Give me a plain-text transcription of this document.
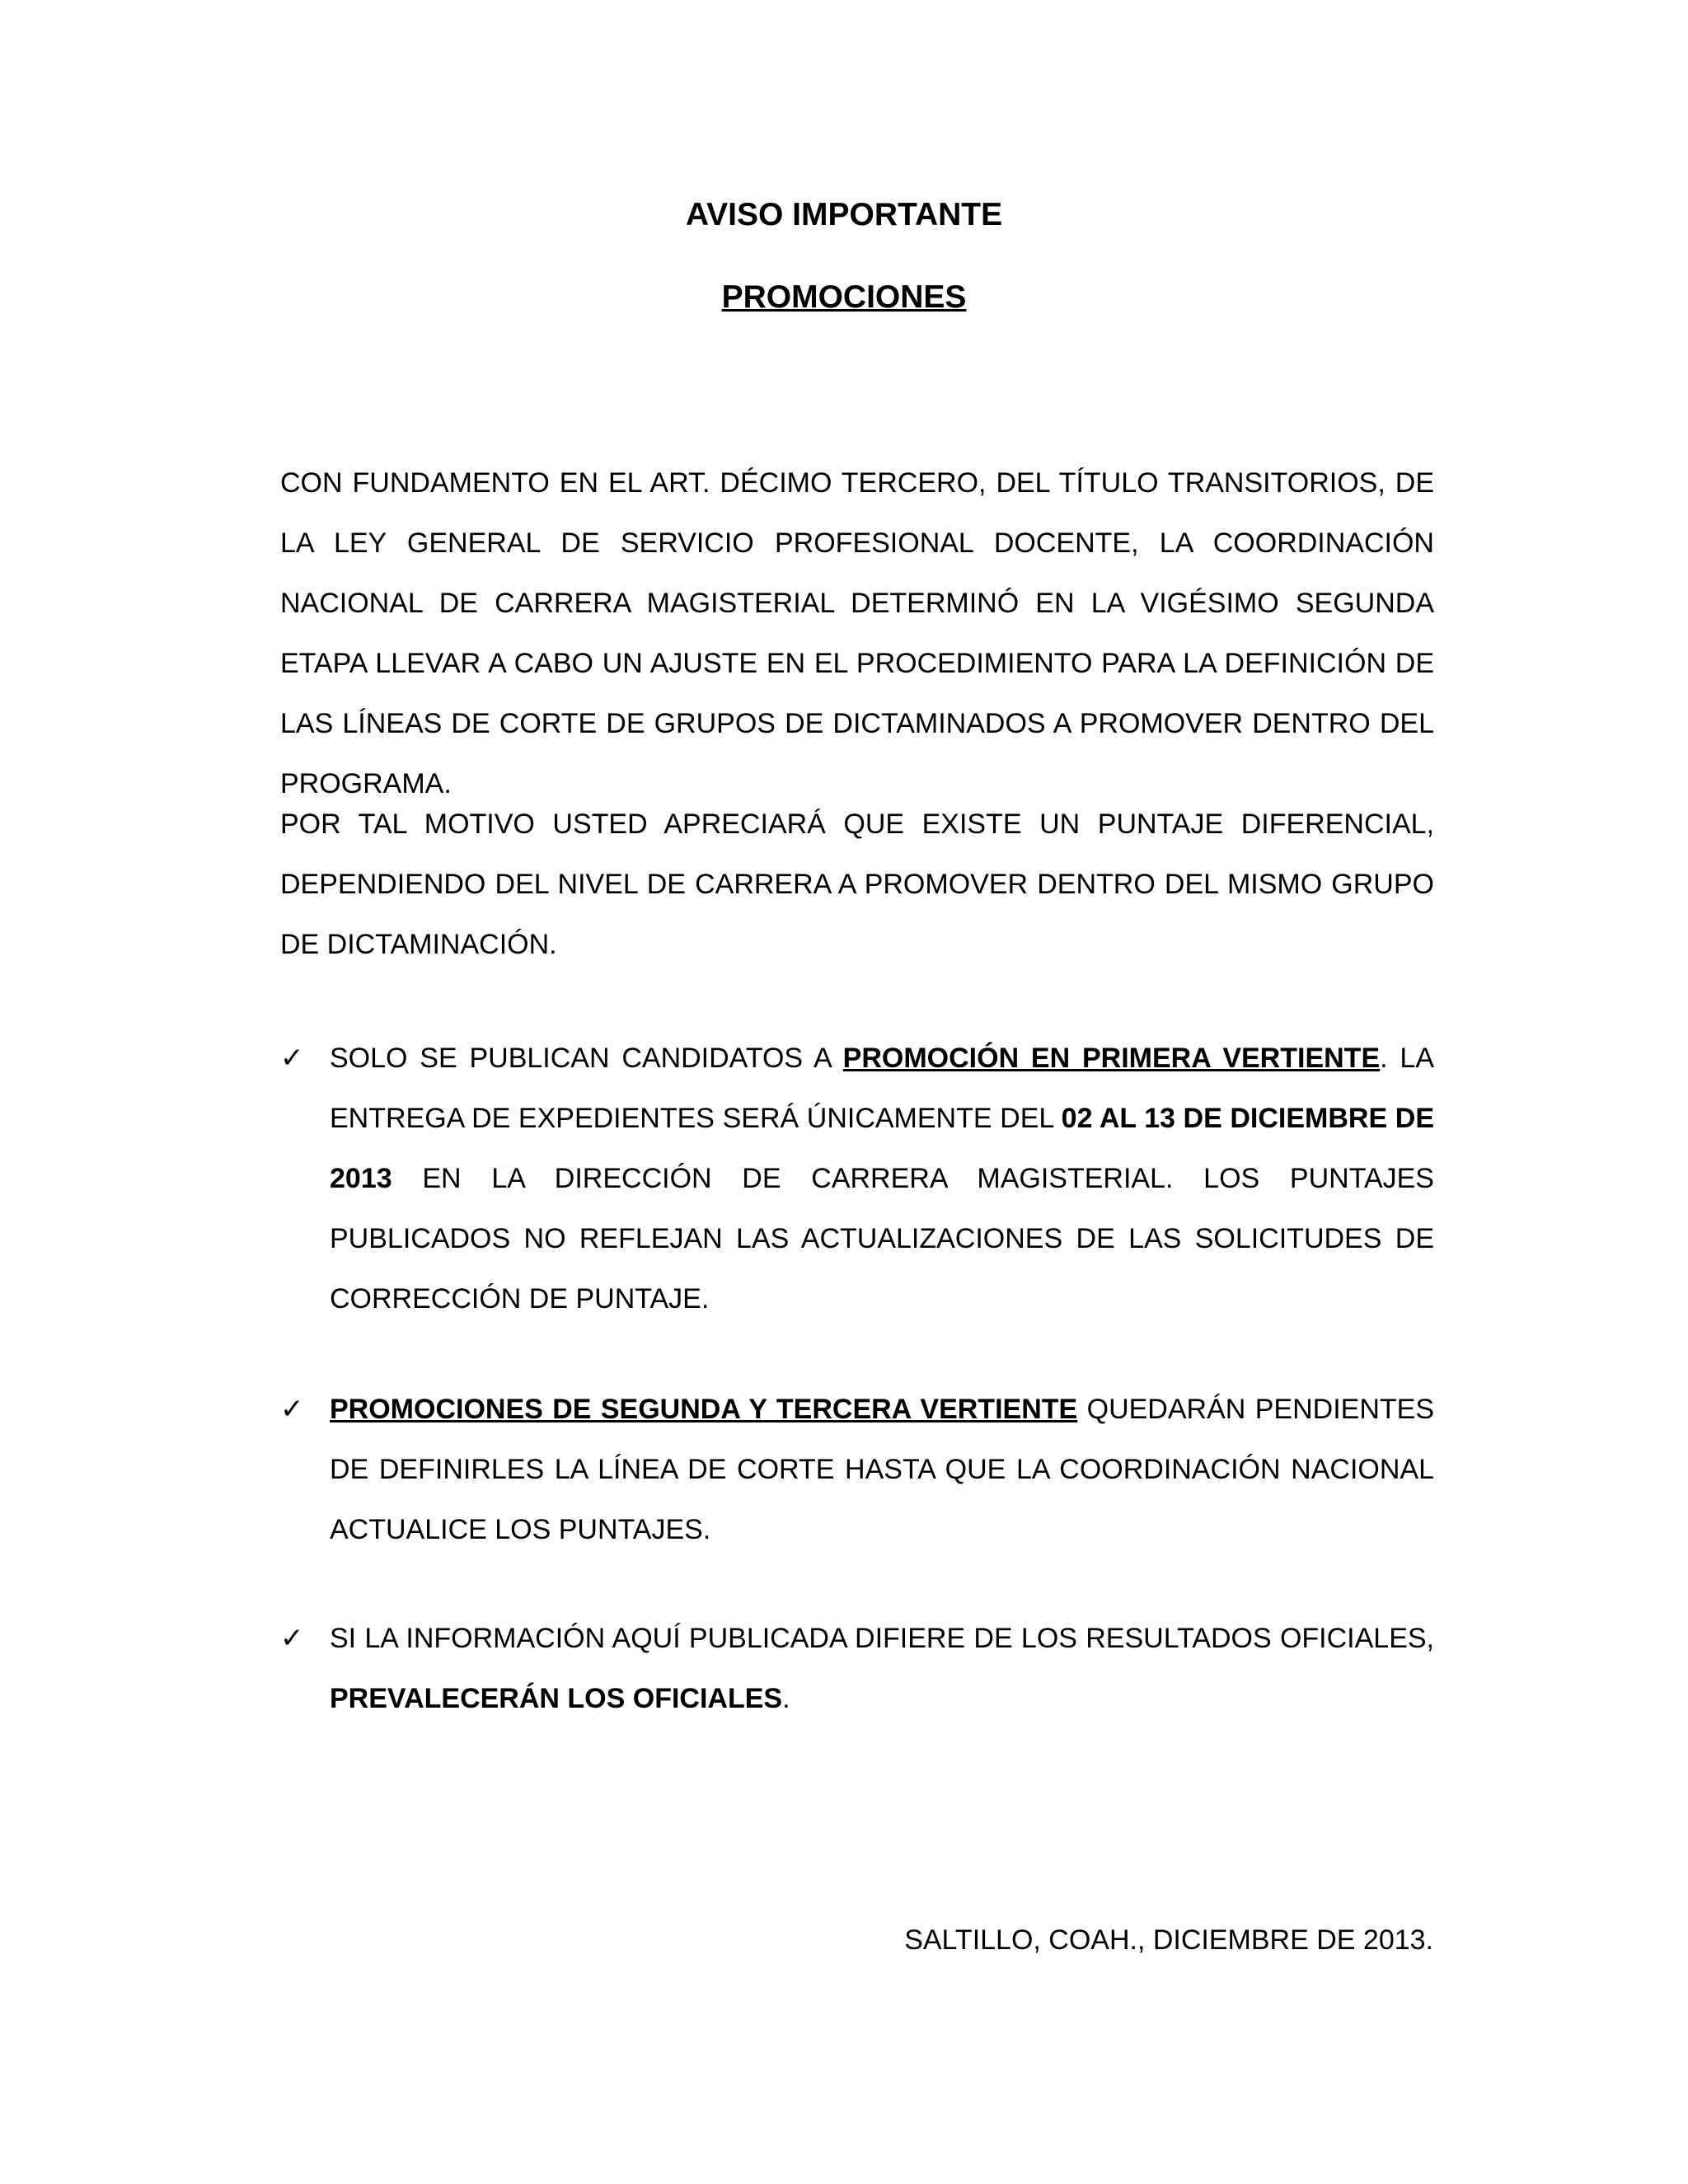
AVISO IMPORTANTE
PROMOCIONES

CON FUNDAMENTO EN EL ART. DÉCIMO TERCERO, DEL TÍTULO TRANSITORIOS, DE LA LEY GENERAL DE SERVICIO PROFESIONAL DOCENTE, LA COORDINACIÓN NACIONAL DE CARRERA MAGISTERIAL DETERMINÓ EN LA VIGÉSIMO SEGUNDA ETAPA LLEVAR A CABO UN AJUSTE EN EL PROCEDIMIENTO PARA LA DEFINICIÓN DE LAS LÍNEAS DE CORTE DE GRUPOS DE DICTAMINADOS A PROMOVER DENTRO DEL PROGRAMA.

POR TAL MOTIVO USTED APRECIARÁ QUE EXISTE UN PUNTAJE DIFERENCIAL, DEPENDIENDO DEL NIVEL DE CARRERA A PROMOVER DENTRO DEL MISMO GRUPO DE DICTAMINACIÓN.

✓ SOLO SE PUBLICAN CANDIDATOS A PROMOCIÓN EN PRIMERA VERTIENTE. LA ENTREGA DE EXPEDIENTES SERÁ ÚNICAMENTE DEL 02 AL 13 DE DICIEMBRE DE 2013 EN LA DIRECCIÓN DE CARRERA MAGISTERIAL. LOS PUNTAJES PUBLICADOS NO REFLEJAN LAS ACTUALIZACIONES DE LAS SOLICITUDES DE CORRECCIÓN DE PUNTAJE.

✓ PROMOCIONES DE SEGUNDA Y TERCERA VERTIENTE QUEDARÁN PENDIENTES DE DEFINIRLES LA LÍNEA DE CORTE HASTA QUE LA COORDINACIÓN NACIONAL ACTUALICE LOS PUNTAJES.

✓ SI LA INFORMACIÓN AQUÍ PUBLICADA DIFIERE DE LOS RESULTADOS OFICIALES, PREVALECERÁN LOS OFICIALES.

SALTILLO, COAH., DICIEMBRE DE 2013.
